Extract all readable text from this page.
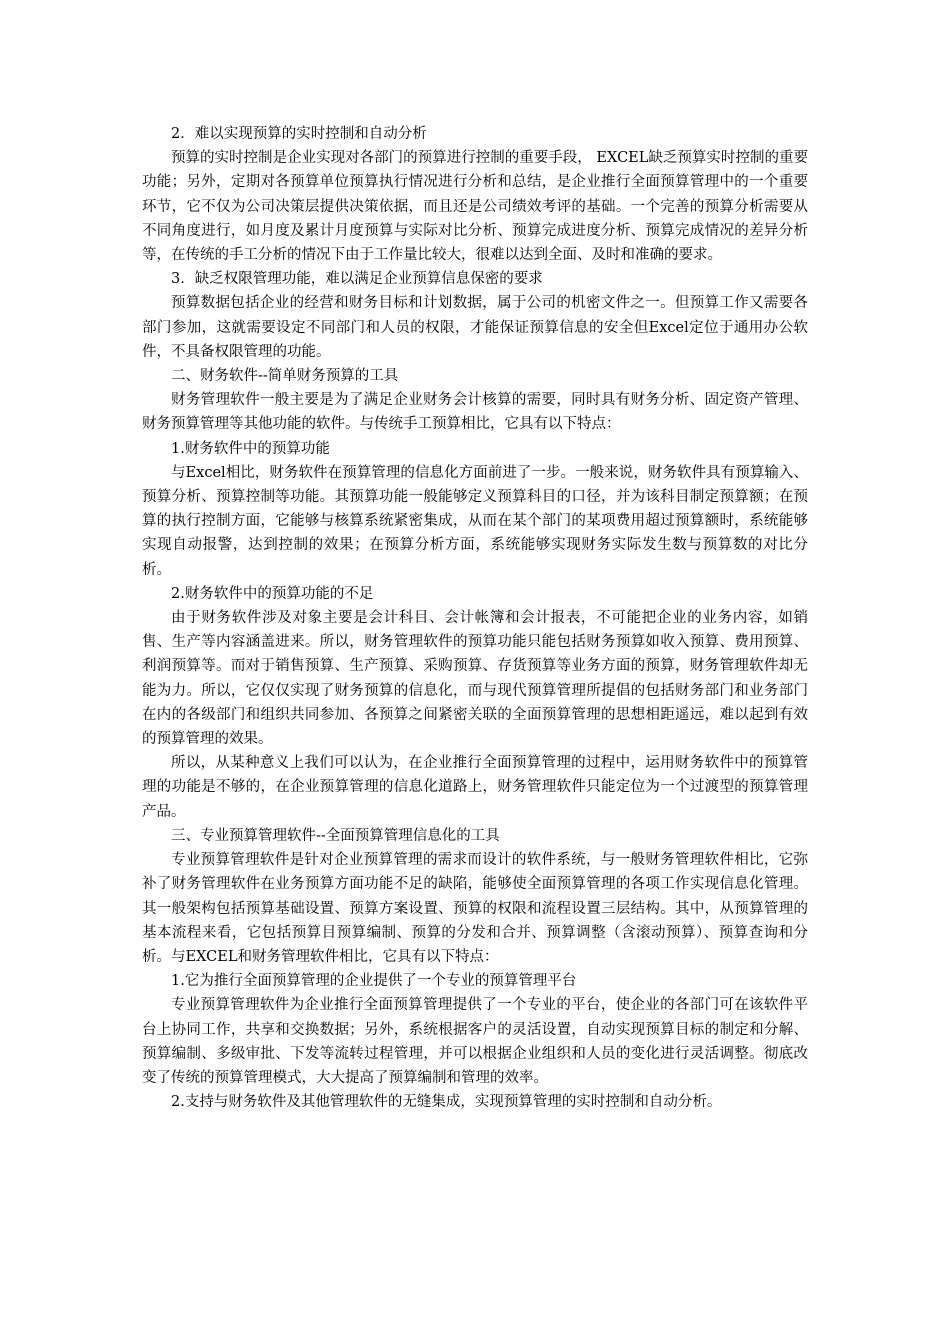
2．难以实现预算的实时控制和自动分析

预算的实时控制是企业实现对各部门的预算进行控制的重要手段， EXCEL缺乏预算实时控制的重要功能；另外，定期对各预算单位预算执行情况进行分析和总结，是企业推行全面预算管理中的一个重要环节，它不仅为公司决策层提供决策依据，而且还是公司绩效考评的基础。一个完善的预算分析需要从不同角度进行，如月度及累计月度预算与实际对比分析、预算完成进度分析、预算完成情况的差异分析等，在传统的手工分析的情况下由于工作量比较大，很难以达到全面、及时和准确的要求。

3．缺乏权限管理功能，难以满足企业预算信息保密的要求

预算数据包括企业的经营和财务目标和计划数据，属于公司的机密文件之一。但预算工作又需要各部门参加，这就需要设定不同部门和人员的权限，才能保证预算信息的安全但Excel定位于通用办公软件，不具备权限管理的功能。

二、财务软件--简单财务预算的工具

财务管理软件一般主要是为了满足企业财务会计核算的需要，同时具有财务分析、固定资产管理、财务预算管理等其他功能的软件。与传统手工预算相比，它具有以下特点：

1.财务软件中的预算功能

与Excel相比，财务软件在预算管理的信息化方面前进了一步。一般来说，财务软件具有预算输入、预算分析、预算控制等功能。其预算功能一般能够定义预算科目的口径，并为该科目制定预算额；在预算的执行控制方面，它能够与核算系统紧密集成，从而在某个部门的某项费用超过预算额时，系统能够实现自动报警，达到控制的效果；在预算分析方面，系统能够实现财务实际发生数与预算数的对比分析。

2.财务软件中的预算功能的不足

由于财务软件涉及对象主要是会计科目、会计帐簿和会计报表，不可能把企业的业务内容，如销售、生产等内容涵盖进来。所以，财务管理软件的预算功能只能包括财务预算如收入预算、费用预算、利润预算等。而对于销售预算、生产预算、采购预算、存货预算等业务方面的预算，财务管理软件却无能为力。所以，它仅仅实现了财务预算的信息化，而与现代预算管理所提倡的包括财务部门和业务部门在内的各级部门和组织共同参加、各预算之间紧密关联的全面预算管理的思想相距遥远，难以起到有效的预算管理的效果。

所以，从某种意义上我们可以认为，在企业推行全面预算管理的过程中，运用财务软件中的预算管理的功能是不够的，在企业预算管理的信息化道路上，财务管理软件只能定位为一个过渡型的预算管理产品。

三、专业预算管理软件--全面预算管理信息化的工具

专业预算管理软件是针对企业预算管理的需求而设计的软件系统，与一般财务管理软件相比，它弥补了财务管理软件在业务预算方面功能不足的缺陷，能够使全面预算管理的各项工作实现信息化管理。其一般架构包括预算基础设置、预算方案设置、预算的权限和流程设置三层结构。其中，从预算管理的基本流程来看，它包括预算目预算编制、预算的分发和合并、预算调整（含滚动预算）、预算查询和分析。与EXCEL和财务管理软件相比，它具有以下特点：

1.它为推行全面预算管理的企业提供了一个专业的预算管理平台

专业预算管理软件为企业推行全面预算管理提供了一个专业的平台，使企业的各部门可在该软件平台上协同工作，共享和交换数据；另外，系统根据客户的灵活设置，自动实现预算目标的制定和分解、预算编制、多级审批、下发等流转过程管理，并可以根据企业组织和人员的变化进行灵活调整。彻底改变了传统的预算管理模式，大大提高了预算编制和管理的效率。

2.支持与财务软件及其他管理软件的无缝集成，实现预算管理的实时控制和自动分析。
